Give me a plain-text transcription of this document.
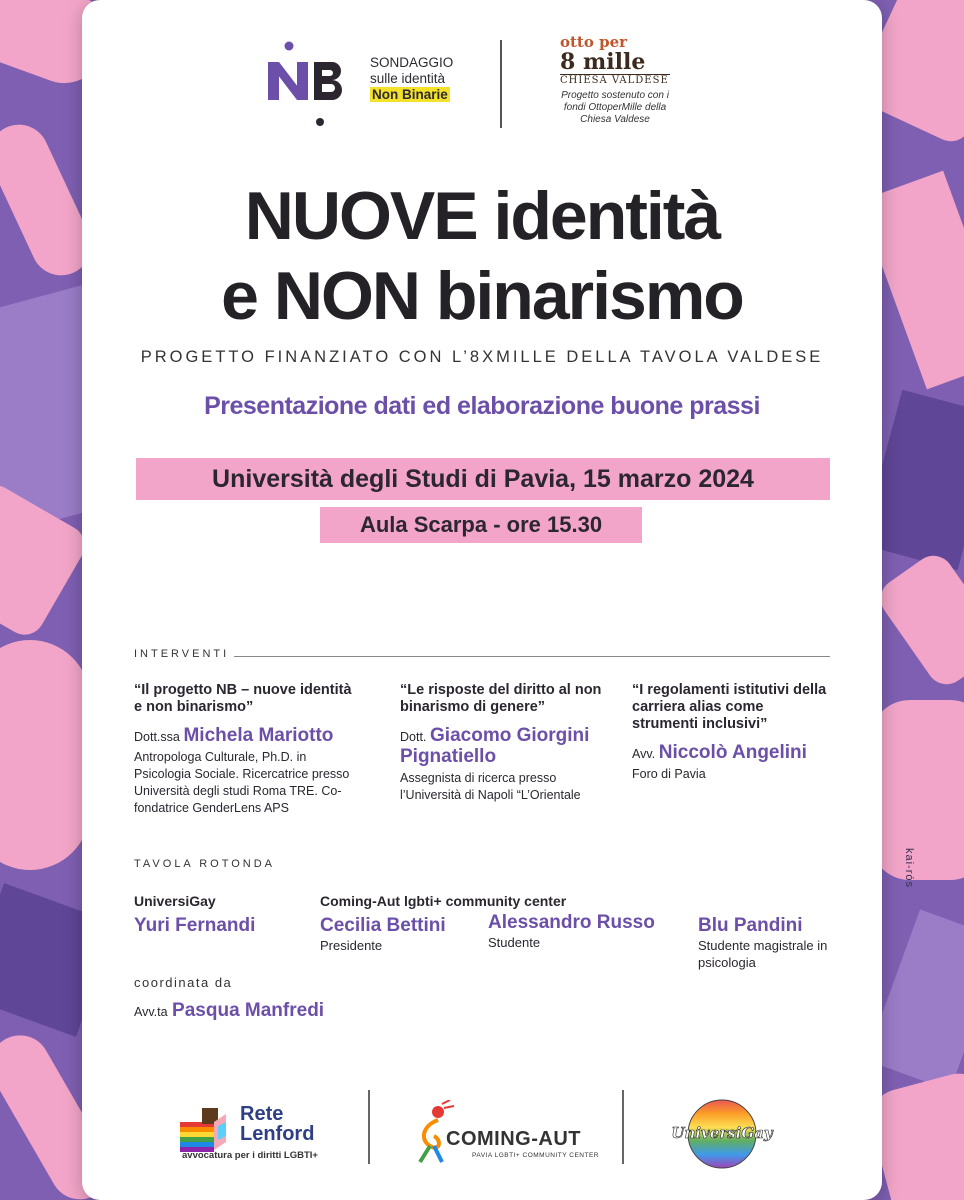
kai-rós
SONDAGGIO
sulle identità
Non Binarie
otto per
8 mille
CHIESA VALDESE
Progetto sostenuto con i fondi OttoperMille della Chiesa Valdese
NUOVE identità
e NON binarismo
PROGETTO FINANZIATO CON L’8XMILLE DELLA TAVOLA VALDESE
Presentazione dati ed elaborazione buone prassi
Università degli Studi di Pavia, 15 marzo 2024
Aula Scarpa - ore 15.30
INTERVENTI
“Il progetto NB – nuove identità e non binarismo”
Dott.ssa Michela Mariotto
Antropologa Culturale, Ph.D. in Psicologia Sociale. Ricercatrice presso Università degli studi Roma TRE. Co-fondatrice GenderLens APS
“Le risposte del diritto al non binarismo di genere”
Dott. Giacomo Giorgini Pignatiello
Assegnista di ricerca presso l’Università di Napoli “L’Orientale
“I regolamenti istitutivi della carriera alias come strumenti inclusivi”
Avv. Niccolò Angelini
Foro di Pavia
TAVOLA ROTONDA
UniversiGay	Coming-Aut lgbti+ community center
Yuri Fernandi	Cecilia Bettini
Presidente
Alessandro Russo
Studente
Blu Pandini
Studente magistrale in psicologia
coordinata da
Avv.ta Pasqua Manfredi
Rete
Lenford
avvocatura per i diritti LGBTI+
COMING-AUT
PAVIA LGBTI+ COMMUNITY CENTER
UniversiGay
